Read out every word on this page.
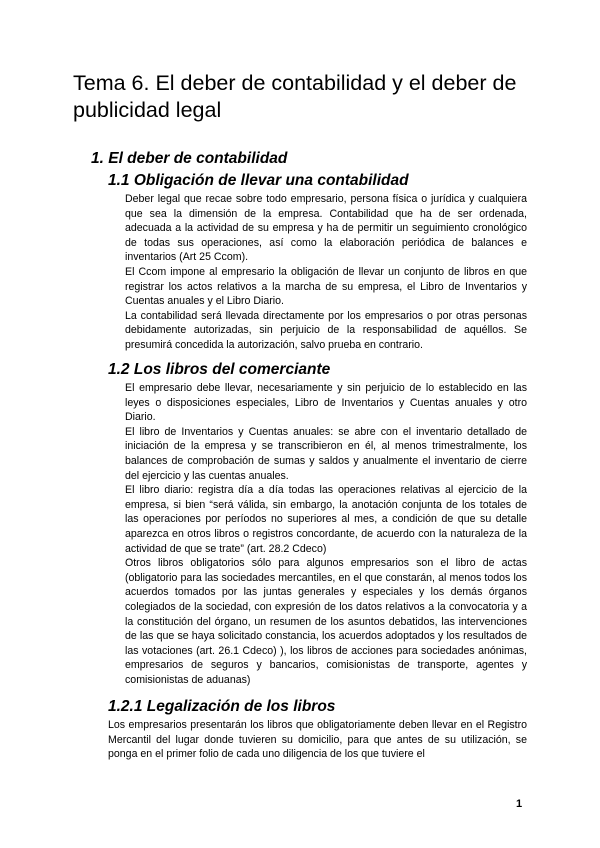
Tema 6. El deber de contabilidad y el deber de publicidad legal
1. El deber de contabilidad
1.1 Obligación de llevar una contabilidad

Deber legal que recae sobre todo empresario, persona física o jurídica y cualquiera que sea la dimensión de la empresa. Contabilidad que ha de ser ordenada, adecuada a la actividad de su empresa y ha de permitir un seguimiento cronológico de todas sus operaciones, así como la elaboración periódica de balances e inventarios (Art 25 Ccom).

El Ccom impone al empresario la obligación de llevar un conjunto de libros en que registrar los actos relativos a la marcha de su empresa, el Libro de Inventarios y Cuentas anuales y el Libro Diario.

La contabilidad será llevada directamente por los empresarios o por otras personas debidamente autorizadas, sin perjuicio de la responsabilidad de aquéllos. Se presumirá concedida la autorización, salvo prueba en contrario.

1.2 Los libros del comerciante

El empresario debe llevar, necesariamente y sin perjuicio de lo establecido en las leyes o disposiciones especiales, Libro de Inventarios y Cuentas anuales y otro Diario.

El libro de Inventarios y Cuentas anuales: se abre con el inventario detallado de iniciación de la empresa y se transcribieron en él, al menos trimestralmente, los balances de comprobación de sumas y saldos y anualmente el inventario de cierre del ejercicio y las cuentas anuales.

El libro diario: registra día a día todas las operaciones relativas al ejercicio de la empresa, si bien “será válida, sin embargo, la anotación conjunta de los totales de las operaciones por períodos no superiores al mes, a condición de que su detalle aparezca en otros libros o registros concordante, de acuerdo con la naturaleza de la actividad de que se trate” (art. 28.2 Cdeco)

Otros libros obligatorios sólo para algunos empresarios son el libro de actas (obligatorio para las sociedades mercantiles, en el que constarán, al menos todos los acuerdos tomados por las juntas generales y especiales y los demás órganos colegiados de la sociedad, con expresión de los datos relativos a la convocatoria y a la constitución del órgano, un resumen de los asuntos debatidos, las intervenciones de las que se haya solicitado constancia, los acuerdos adoptados y los resultados de las votaciones (art. 26.1 Cdeco) ), los libros de acciones para sociedades anónimas, empresarios de seguros y bancarios, comisionistas de transporte, agentes y comisionistas de aduanas)

1.2.1 Legalización de los libros

Los empresarios presentarán los libros que obligatoriamente deben llevar en el Registro Mercantil del lugar donde tuvieren su domicilio, para que antes de su utilización, se ponga en el primer folio de cada uno diligencia de los que tuviere el

1
